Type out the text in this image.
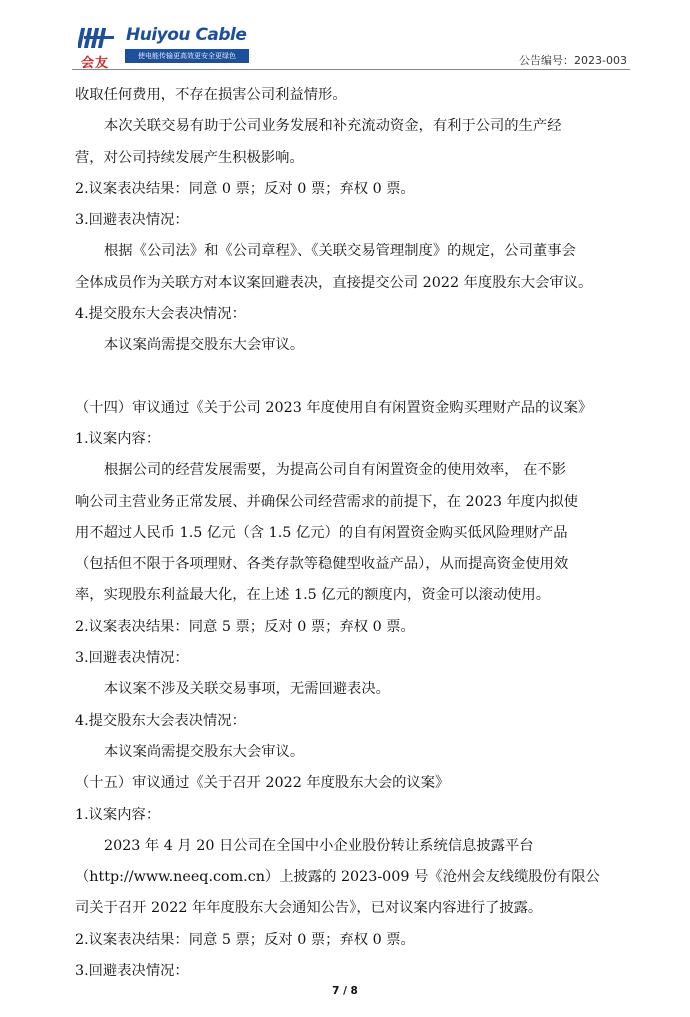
会友
Huiyou Cable
使电能传输更高效更安全更绿色	公告编号：2023-003
收取任何费用，不存在损害公司利益情形。
本次关联交易有助于公司业务发展和补充流动资金，有利于公司的生产经
营，对公司持续发展产生积极影响。
2.议案表决结果：同意 0 票；反对 0 票；弃权 0 票。
3.回避表决情况：
根据《公司法》和《公司章程》、《关联交易管理制度》的规定，公司董事会
全体成员作为关联方对本议案回避表决，直接提交公司 2022 年度股东大会审议。
4.提交股东大会表决情况：
本议案尚需提交股东大会审议。
（十四）审议通过《关于公司 2023 年度使用自有闲置资金购买理财产品的议案》
1.议案内容：
根据公司的经营发展需要，为提高公司自有闲置资金的使用效率， 在不影
响公司主营业务正常发展、并确保公司经营需求的前提下，在 2023 年度内拟使
用不超过人民币 1.5 亿元（含 1.5 亿元）的自有闲置资金购买低风险理财产品
（包括但不限于各项理财、各类存款等稳健型收益产品），从而提高资金使用效
率，实现股东利益最大化，在上述 1.5 亿元的额度内，资金可以滚动使用。
2.议案表决结果：同意 5 票；反对 0 票；弃权 0 票。
3.回避表决情况：
本议案不涉及关联交易事项，无需回避表决。
4.提交股东大会表决情况：
本议案尚需提交股东大会审议。
（十五）审议通过《关于召开 2022 年度股东大会的议案》
1.议案内容：
2023 年 4 月 20 日公司在全国中小企业股份转让系统信息披露平台
（http://www.neeq.com.cn）上披露的 2023-009 号《沧州会友线缆股份有限公
司关于召开 2022 年年度股东大会通知公告》，已对议案内容进行了披露。
2.议案表决结果：同意 5 票；反对 0 票；弃权 0 票。
3.回避表决情况：
7 / 8
